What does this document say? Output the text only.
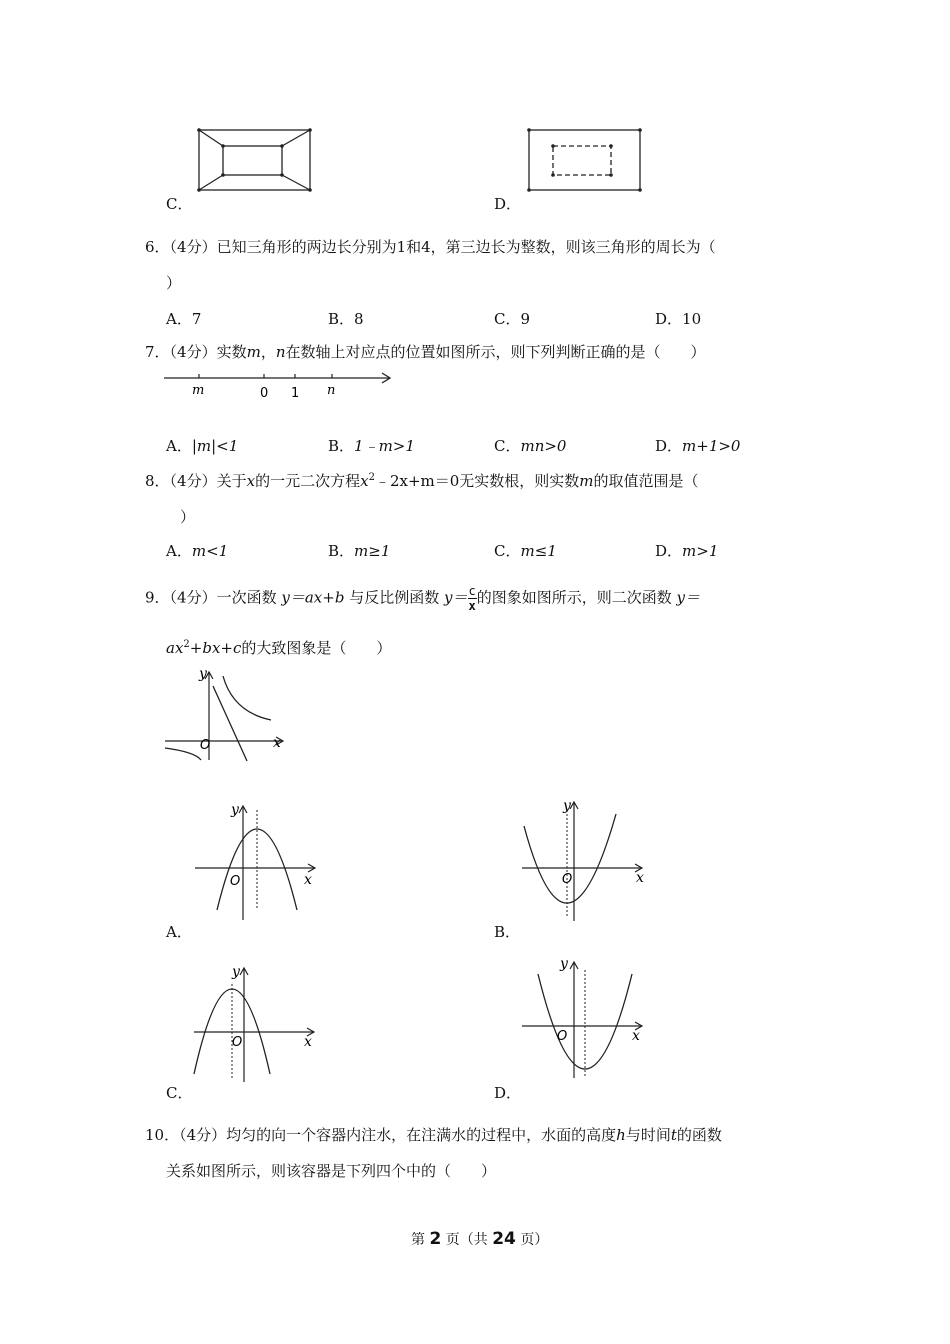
C．	D．
6．（4分）已知三角形的两边长分别为1和4，第三边长为整数，则该三角形的周长为（
）
A．7	B．8	C．9	D．10
7．（4分）实数m，n在数轴上对应点的位置如图所示，则下列判断正确的是（　　）
m	0 1 n
A．|m|<1	B．1﹣m>1	C．mn>0	D．m+1>0
8．（4分）关于x的一元二次方程$x^2﹣2x+m=0$无实数根，则实数m的取值范围是（
）
A．m<1	B．m≥1	C．m≤1	D．m>1
9．（4分）一次函数 y＝ax+b 与反比例函数 $y= \frac{c}{x}$ 的图象如图所示，则二次函数 y＝
$ax^2+bx+c$的大致图象是（　　）
y
x
O
y
x
O
A．
y
x
O
B．
y
x
O
C．
y
x
O
D．
10．（4分）均匀的向一个容器内注水，在注满水的过程中，水面的高度h与时间t的函数
关系如图所示，则该容器是下列四个中的（　　）
第 2 页（共 24 页）
